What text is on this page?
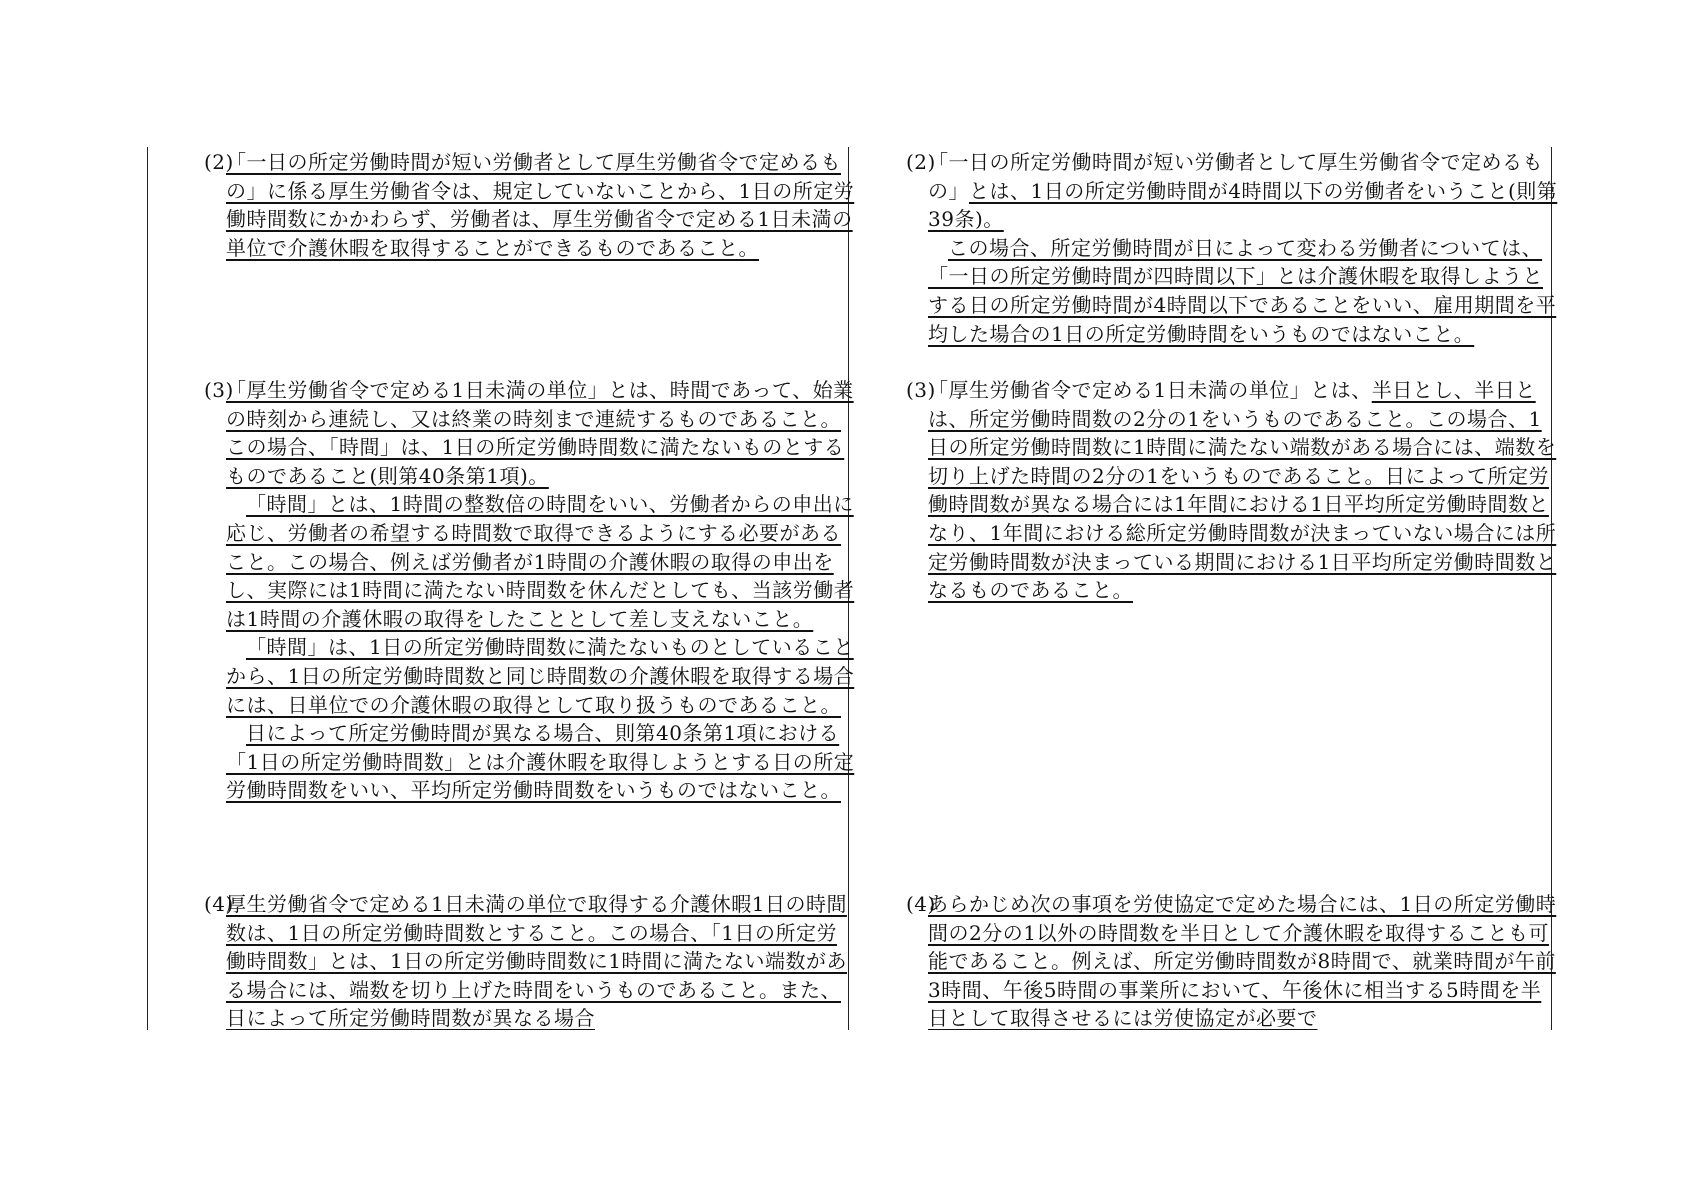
(2)「一日の所定労働時間が短い労働者として厚生労働省令で定めるもの」に係る厚生労働省令は、規定していないことから、1日の所定労働時間数にかかわらず、労働者は、厚生労働省令で定める1日未満の単位で介護休暇を取得することができるものであること。

(3)「厚生労働省令で定める1日未満の単位」とは、時間であって、始業の時刻から連続し、又は終業の時刻まで連続するものであること。この場合、「時間」は、1日の所定労働時間数に満たないものとするものであること(則第40条第1項)。

「時間」とは、1時間の整数倍の時間をいい、労働者からの申出に応じ、労働者の希望する時間数で取得できるようにする必要があること。この場合、例えば労働者が1時間の介護休暇の取得の申出をし、実際には1時間に満たない時間数を休んだとしても、当該労働者は1時間の介護休暇の取得をしたこととして差し支えないこと。

「時間」は、1日の所定労働時間数に満たないものとしていることから、1日の所定労働時間数と同じ時間数の介護休暇を取得する場合には、日単位での介護休暇の取得として取り扱うものであること。

日によって所定労働時間が異なる場合、則第40条第1項における「1日の所定労働時間数」とは介護休暇を取得しようとする日の所定労働時間数をいい、平均所定労働時間数をいうものではないこと。

(4)厚生労働省令で定める1日未満の単位で取得する介護休暇1日の時間数は、1日の所定労働時間数とすること。この場合、「1日の所定労働時間数」とは、1日の所定労働時間数に1時間に満たない端数がある場合には、端数を切り上げた時間をいうものであること。また、日によって所定労働時間数が異なる場合

(2)「一日の所定労働時間が短い労働者として厚生労働省令で定めるもの」とは、1日の所定労働時間が4時間以下の労働者をいうこと(則第39条)。

この場合、所定労働時間が日によって変わる労働者については、「一日の所定労働時間が四時間以下」とは介護休暇を取得しようとする日の所定労働時間が4時間以下であることをいい、雇用期間を平均した場合の1日の所定労働時間をいうものではないこと。

(3)「厚生労働省令で定める1日未満の単位」とは、半日とし、半日とは、所定労働時間数の2分の1をいうものであること。この場合、1日の所定労働時間数に1時間に満たない端数がある場合には、端数を切り上げた時間の2分の1をいうものであること。日によって所定労働時間数が異なる場合には1年間における1日平均所定労働時間数となり、1年間における総所定労働時間数が決まっていない場合には所定労働時間数が決まっている期間における1日平均所定労働時間数となるものであること。

(4)あらかじめ次の事項を労使協定で定めた場合には、1日の所定労働時間の2分の1以外の時間数を半日として介護休暇を取得することも可能であること。例えば、所定労働時間数が8時間で、就業時間が午前3時間、午後5時間の事業所において、午後休に相当する5時間を半日として取得させるには労使協定が必要で
